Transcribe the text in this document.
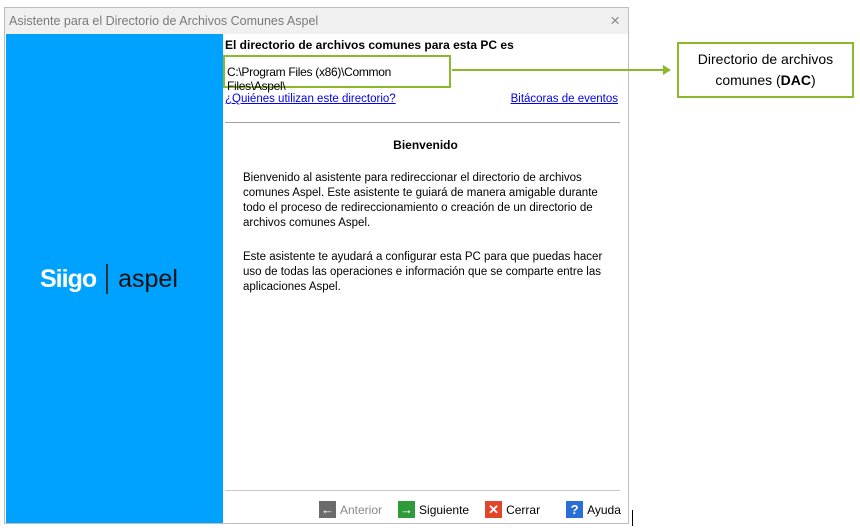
Asistente para el Directorio de Archivos Comunes Aspel	×
Siigo aspel
El directorio de archivos comunes para esta PC es
C:\Program Files (x86)\Common Files\Aspel\
¿Quiénes utilizan este directorio?	Bitácoras de eventos
Bienvenido
Bienvenido al asistente para redireccionar el directorio de archivos comunes Aspel. Este asistente te guiará de manera amigable durante todo el proceso de redireccionamiento o creación de un directorio de archivos comunes Aspel.
Este asistente te ayudará a configurar esta PC para que puedas hacer uso de todas las operaciones e información que se comparte entre las aplicaciones Aspel.
← Anterior → Siguiente ✕ Cerrar	? Ayuda
Directorio de archivos comunes (DAC)
